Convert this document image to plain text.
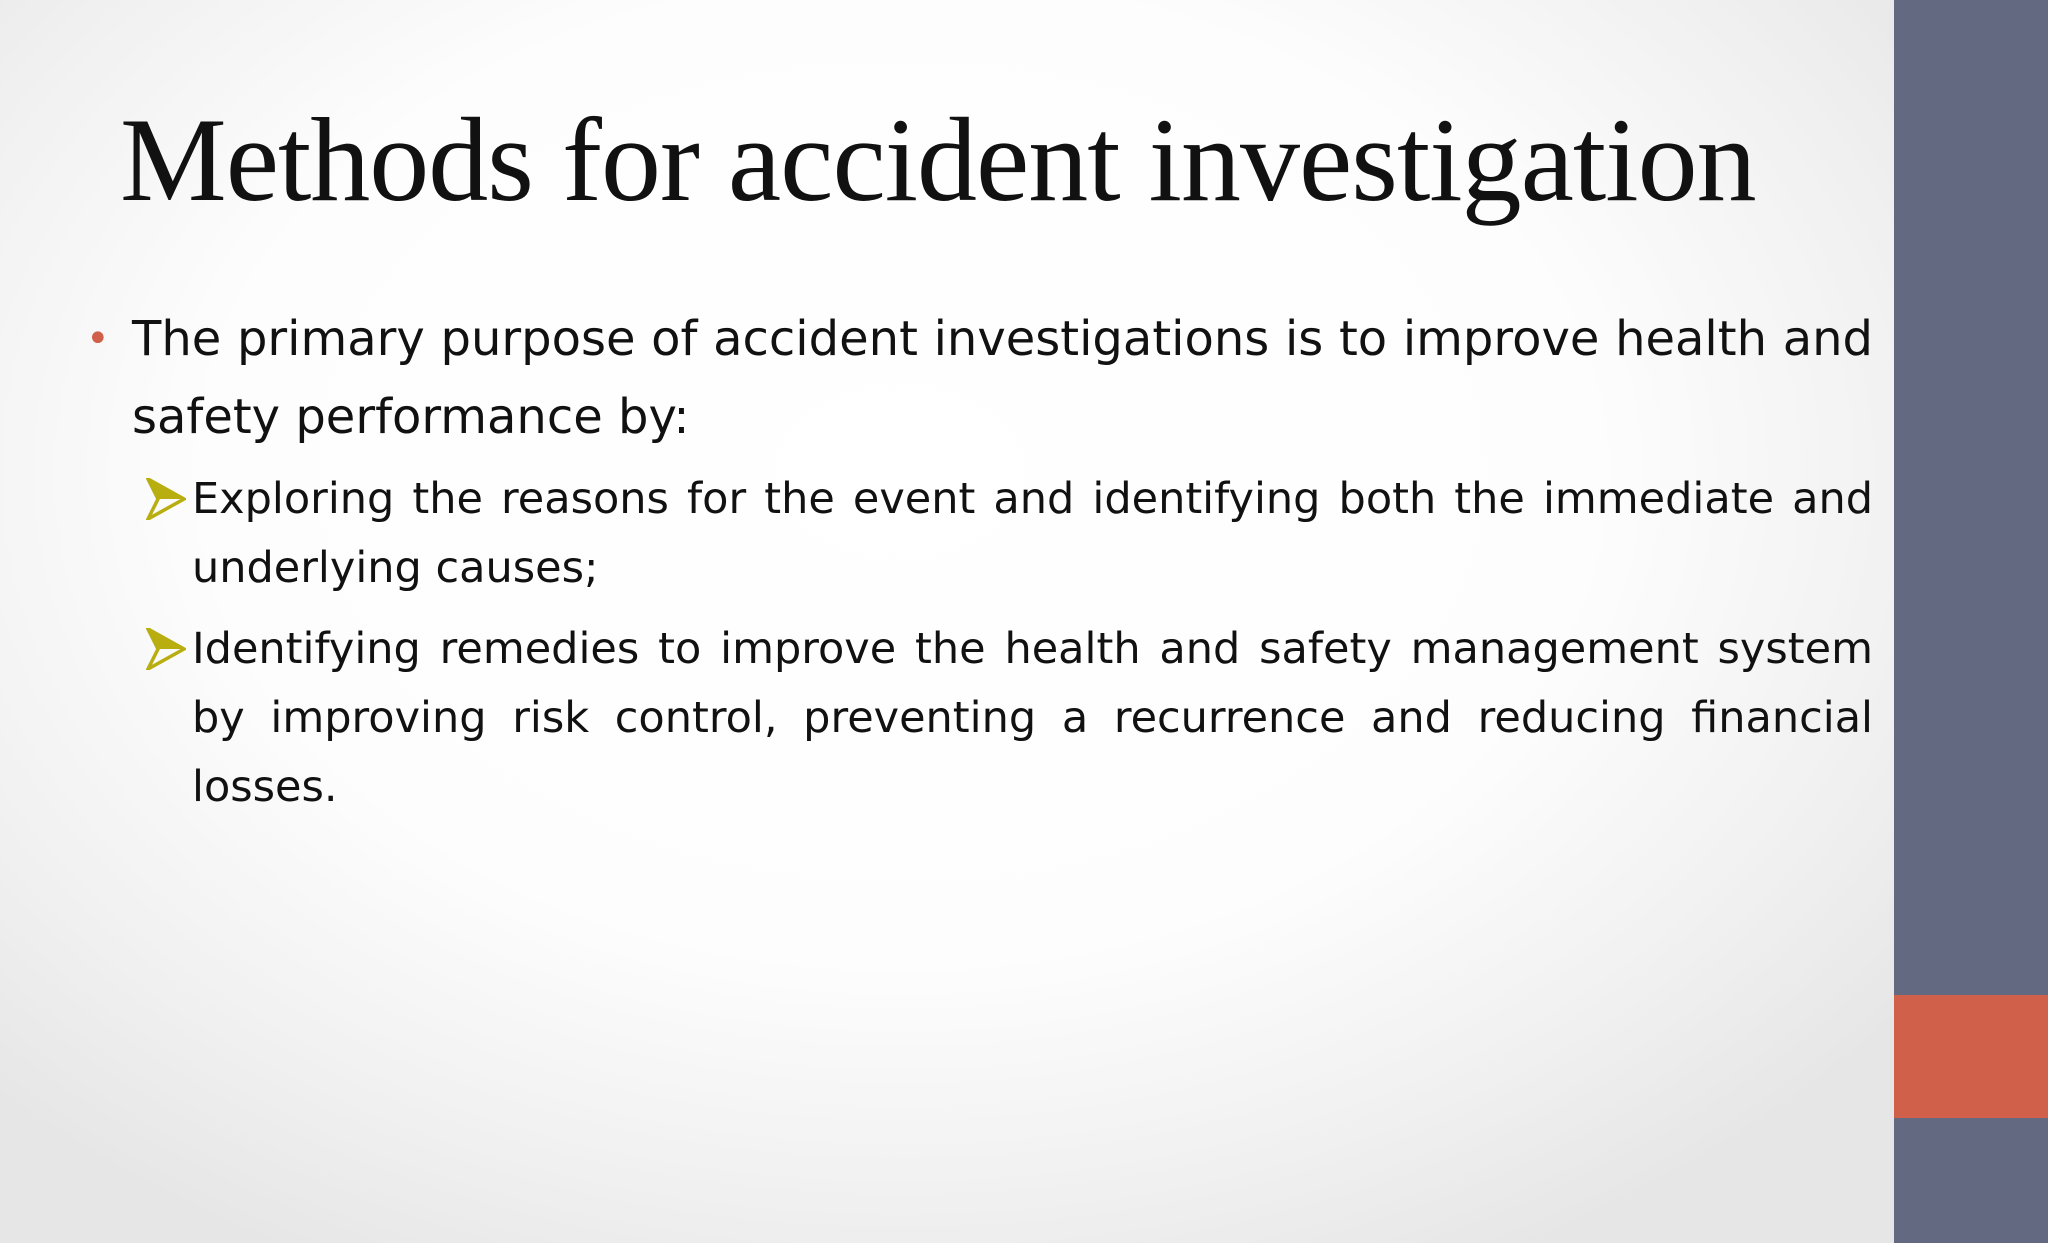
Methods for accident investigation
• The primary purpose of accident investigations is to improve health and safety performance by:
Exploring the reasons for the event and identifying both the immediate and underlying causes;
Identifying remedies to improve the health and safety management system by improving risk control, preventing a recurrence and reducing financial losses.
